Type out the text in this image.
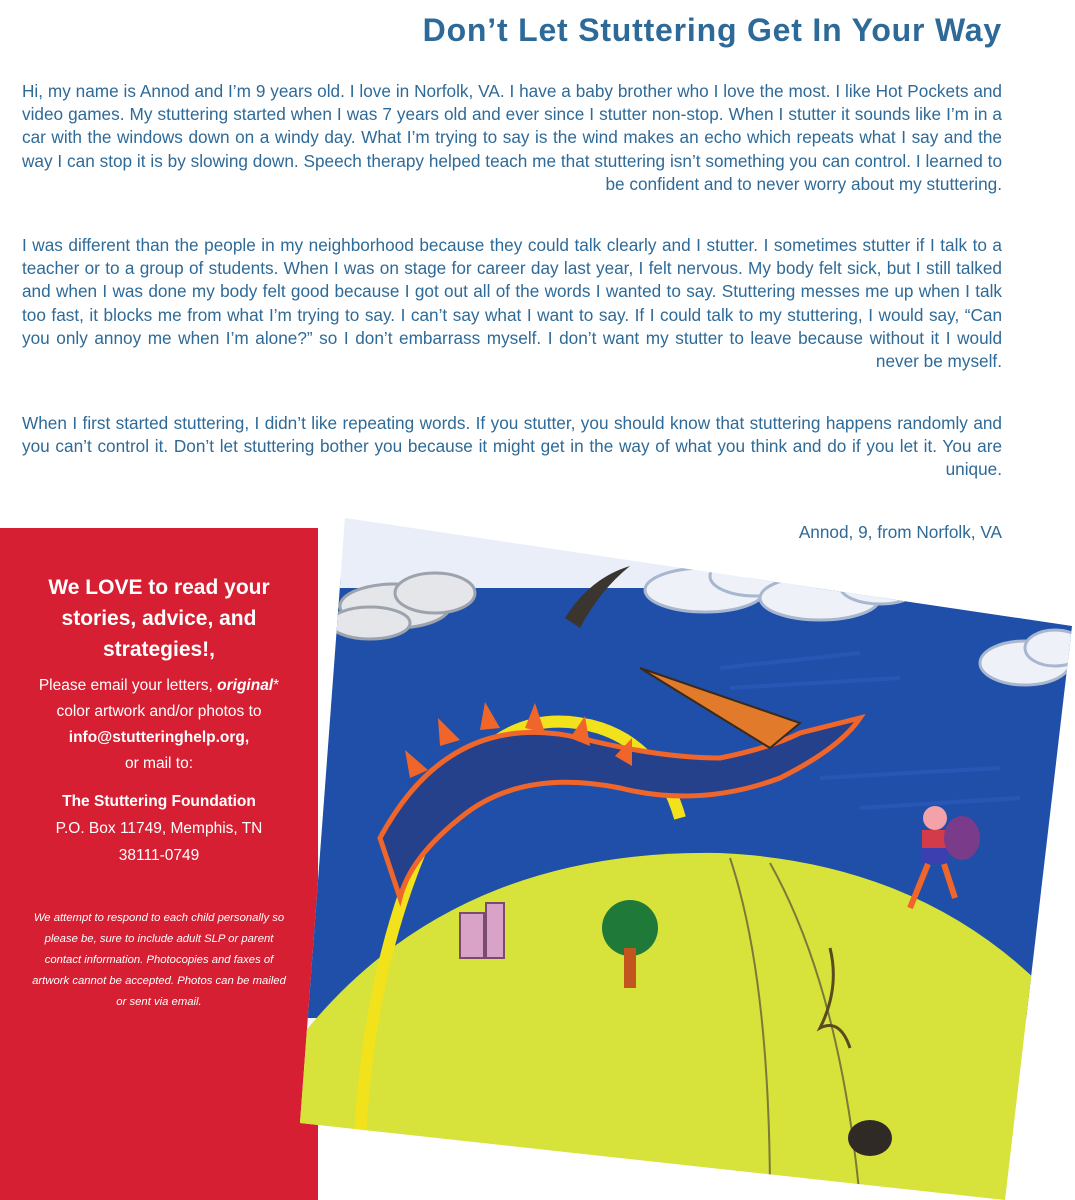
Don’t Let Stuttering Get In Your Way

Hi, my name is Annod and I’m 9 years old. I love in Norfolk, VA. I have a baby brother who I love the most. I like Hot Pockets and video games. My stuttering started when I was 7 years old and ever since I stutter non-stop. When I stutter it sounds like I’m in a car with the windows down on a windy day. What I’m trying to say is the wind makes an echo which repeats what I say and the way I can stop it is by slowing down. Speech therapy helped teach me that stuttering isn’t something you can control. I learned to be confident and to never worry about my stuttering.

I was different than the people in my neighborhood because they could talk clearly and I stutter. I sometimes stutter if I talk to a teacher or to a group of students. When I was on stage for career day last year, I felt nervous. My body felt sick, but I still talked and when I was done my body felt good because I got out all of the words I wanted to say. Stuttering messes me up when I talk too fast, it blocks me from what I’m trying to say. I can’t say what I want to say. If I could talk to my stuttering, I would say, “Can you only annoy me when I’m alone?” so I don’t embarrass myself. I don’t want my stutter to leave because without it I would never be myself.

When I first started stuttering, I didn’t like repeating words. If you stutter, you should know that stuttering happens randomly and you can’t control it. Don’t let stuttering bother you because it might get in the way of what you think and do if you let it. You are unique.

Annod, 9, from Norfolk, VA

We LOVE to read your stories, advice, and strategies!,

Please email your letters, original*

color artwork and/or photos to

info@stutteringhelp.org,

or mail to:

The Stuttering Foundation

P.O. Box 11749, Memphis, TN

38111-0749

We attempt to respond to each child personally so please be, sure to include adult SLP or parent contact information. Photocopies and faxes of artwork cannot be accepted. Photos can be mailed or sent via email.
